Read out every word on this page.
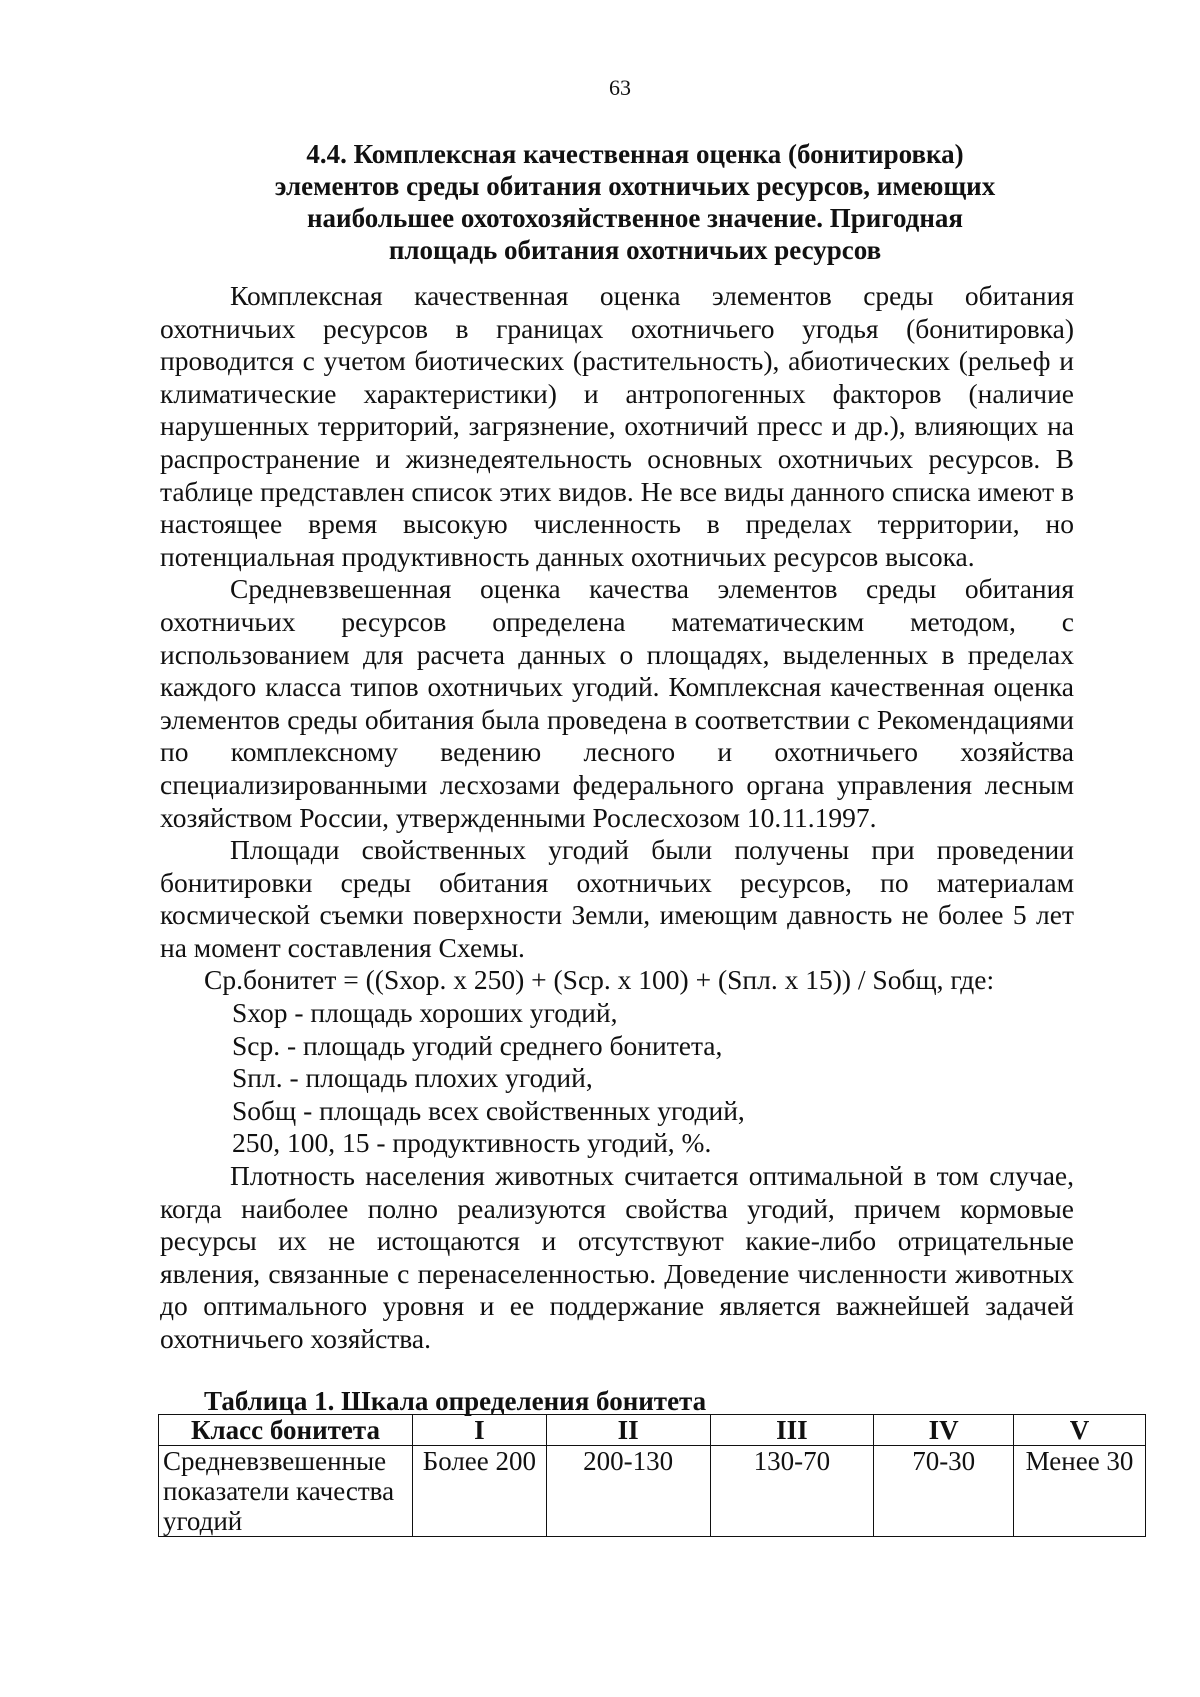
63
4.4. Комплексная качественная оценка (бонитировка)
элементов среды обитания охотничьих ресурсов, имеющих
наибольшее охотохозяйственное значение. Пригодная
площадь обитания охотничьих ресурсов

Комплексная качественная оценка элементов среды обитания охотничьих ресурсов в границах охотничьего угодья (бонитировка) проводится с учетом биотических (растительность), абиотических (рельеф и климатические характеристики) и антропогенных факторов (наличие нарушенных территорий, загрязнение, охотничий пресс и др.), влияющих на распространение и жизнедеятельность основных охотничьих ресурсов. В таблице представлен список этих видов. Не все виды данного списка имеют в настоящее время высокую численность в пределах территории, но потенциальная продуктивность данных охотничьих ресурсов высока.

Средневзвешенная оценка качества элементов среды обитания охотничьих ресурсов определена математическим методом, с использованием для расчета данных о площадях, выделенных в пределах каждого класса типов охотничьих угодий. Комплексная качественная оценка элементов среды обитания была проведена в соответствии с Рекомендациями по комплексному ведению лесного и охотничьего хозяйства специализированными лесхозами федерального органа управления лесным хозяйством России, утвержденными Рослесхозом 10.11.1997.

Площади свойственных угодий были получены при проведении бонитировки среды обитания охотничьих ресурсов, по материалам космической съемки поверхности Земли, имеющим давность не более 5 лет на момент составления Схемы.

Ср.бонитет = ((Sхор. х 250) + (Sср. х 100) + (Sпл. х 15)) / Sобщ, где:
Sхор - площадь хороших угодий,
Sср. - площадь угодий среднего бонитета,
Sпл. - площадь плохих угодий,
Sобщ - площадь всех свойственных угодий,
250, 100, 15 - продуктивность угодий, %.

Плотность населения животных считается оптимальной в том случае, когда наиболее полно реализуются свойства угодий, причем кормовые ресурсы их не истощаются и отсутствуют какие-либо отрицательные явления, связанные с перенаселенностью. Доведение численности животных до оптимального уровня и ее поддержание является важнейшей задачей охотничьего хозяйства.

Таблица 1. Шкала определения бонитета
Класс бонитета	I	II	III	IV	V
Средневзвешенные показатели качества угодий	Более 200	200-130	130-70	70-30	Менее 30
